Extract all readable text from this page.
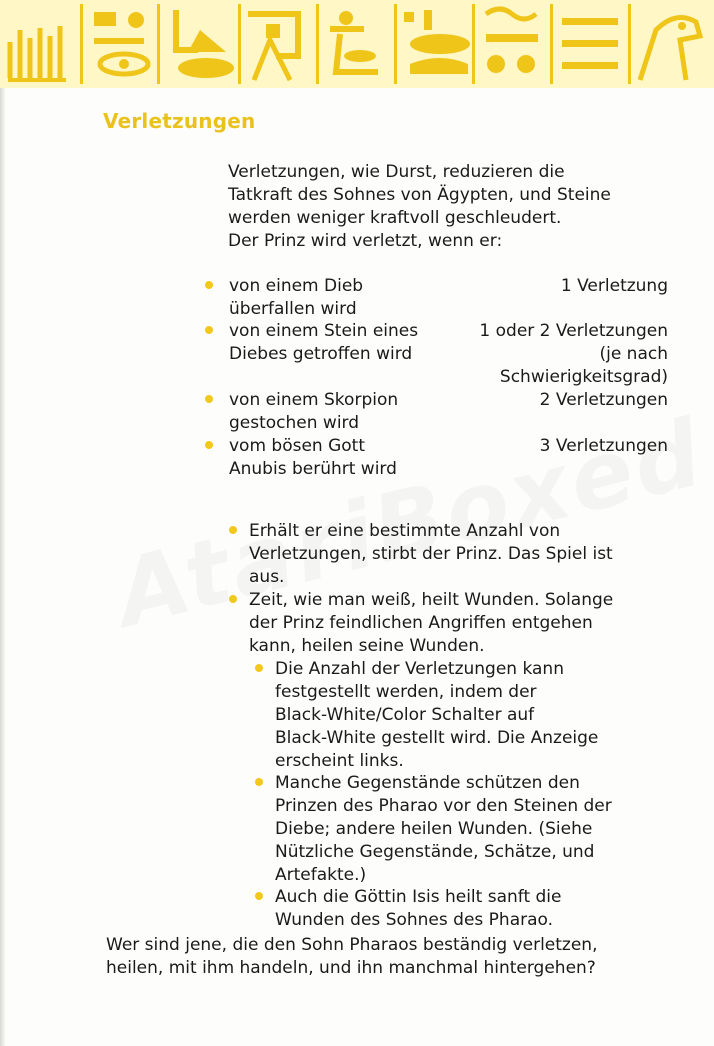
Verletzungen
Verletzungen, wie Durst, reduzieren die
Tatkraft des Sohnes von Ägypten, und Steine
werden weniger kraftvoll geschleudert.
Der Prinz wird verletzt, wenn er:
von einem Dieb
überfallen wird
1 Verletzung
von einem Stein eines
Diebes getroffen wird
1 oder 2 Verletzungen
(je nach
Schwierigkeitsgrad)
von einem Skorpion
gestochen wird
2 Verletzungen
vom bösen Gott
Anubis berührt wird
3 Verletzungen
Erhält er eine bestimmte Anzahl von
Verletzungen, stirbt der Prinz. Das Spiel ist
aus.
Zeit, wie man weiß, heilt Wunden. Solange
der Prinz feindlichen Angriffen entgehen
kann, heilen seine Wunden.
Die Anzahl der Verletzungen kann
festgestellt werden, indem der
Black-White/Color Schalter auf
Black-White gestellt wird. Die Anzeige
erscheint links.
Manche Gegenstände schützen den
Prinzen des Pharao vor den Steinen der
Diebe; andere heilen Wunden. (Siehe
Nützliche Gegenstände, Schätze, und
Artefakte.)
Auch die Göttin Isis heilt sanft die
Wunden des Sohnes des Pharao.
Wer sind jene, die den Sohn Pharaos beständig verletzen,
heilen, mit ihm handeln, und ihn manchmal hintergehen?
